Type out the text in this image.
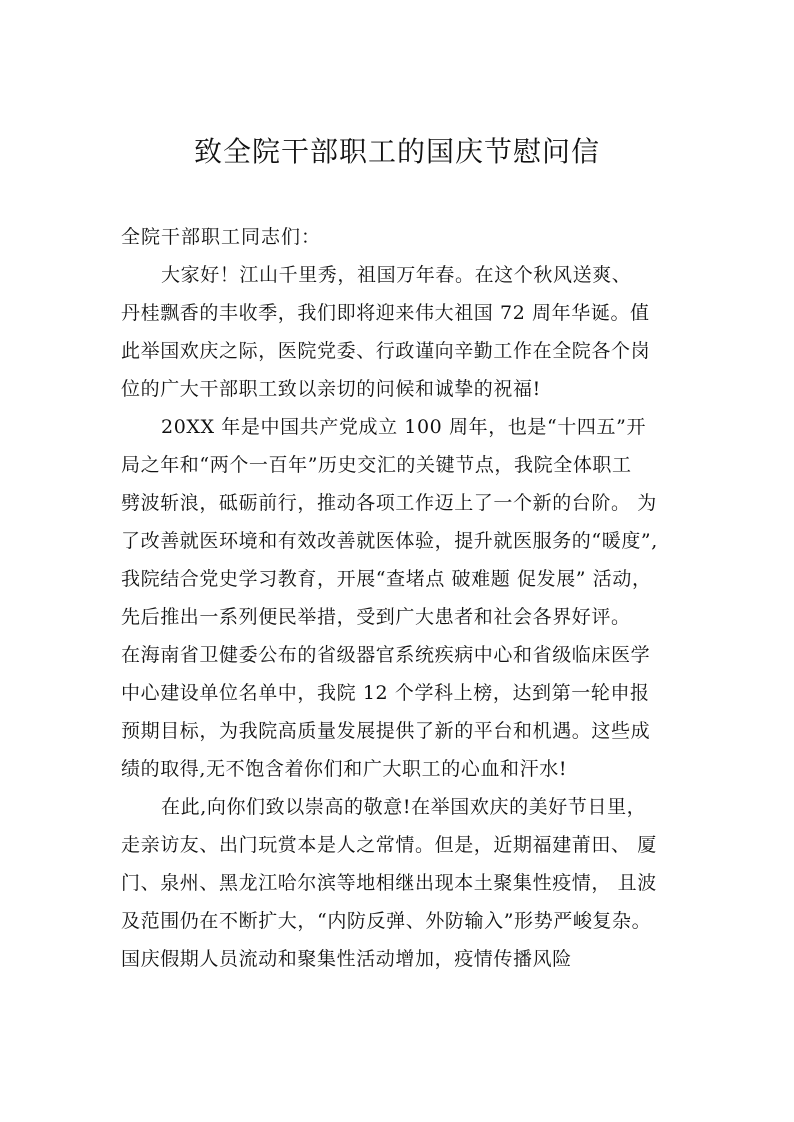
致全院干部职工的国庆节慰问信
全院干部职工同志们：
大家好！江山千里秀，祖国万年春。在这个秋风送爽、
丹桂飘香的丰收季，我们即将迎来伟大祖国 72 周年华诞。值
此举国欢庆之际，医院党委、行政谨向辛勤工作在全院各个岗
位的广大干部职工致以亲切的问候和诚挚的祝福!
20XX 年是中国共产党成立 100 周年，也是“十四五”开
局之年和“两个一百年”历史交汇的关键节点，我院全体职工
劈波斩浪，砥砺前行，推动各项工作迈上了一个新的台阶。 为
了改善就医环境和有效改善就医体验，提升就医服务的“暖度”,
我院结合党史学习教育，开展“查堵点 破难题 促发展” 活动，
先后推出一系列便民举措，受到广大患者和社会各界好评。
在海南省卫健委公布的省级器官系统疾病中心和省级临床医学
中心建设单位名单中，我院 12 个学科上榜，达到第一轮申报
预期目标，为我院高质量发展提供了新的平台和机遇。这些成
绩的取得,无不饱含着你们和广大职工的心血和汗水!
在此,向你们致以崇高的敬意!在举国欢庆的美好节日里，
走亲访友、出门玩赏本是人之常情。但是，近期福建莆田、 厦
门、泉州、黑龙江哈尔滨等地相继出现本土聚集性疫情， 且波
及范围仍在不断扩大，“内防反弹、外防输入”形势严峻复杂。
国庆假期人员流动和聚集性活动增加，疫情传播风险
